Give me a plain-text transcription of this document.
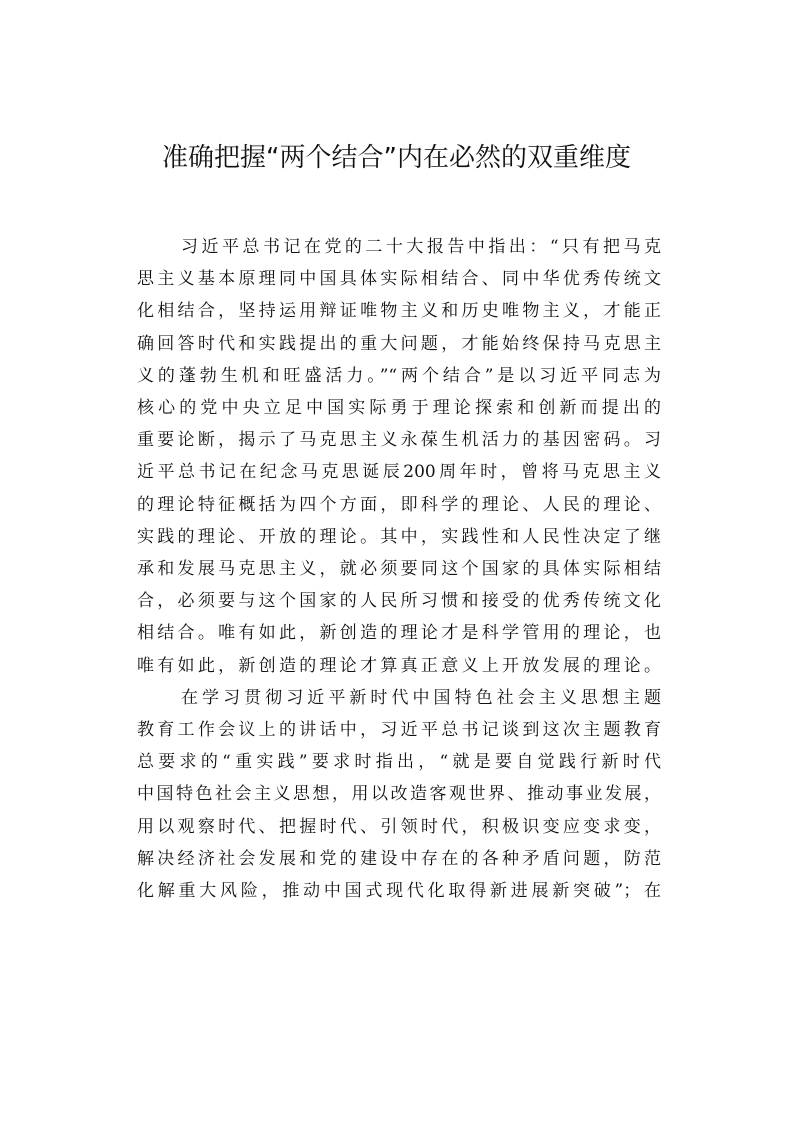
准确把握“两个结合”内在必然的双重维度
习近平总书记在党的二十大报告中指出：“只有把马克
思主义基本原理同中国具体实际相结合、同中华优秀传统文
化相结合，坚持运用辩证唯物主义和历史唯物主义，才能正
确回答时代和实践提出的重大问题，才能始终保持马克思主
义的蓬勃生机和旺盛活力。”“两个结合”是以习近平同志为
核心的党中央立足中国实际勇于理论探索和创新而提出的
重要论断，揭示了马克思主义永葆生机活力的基因密码。习
近平总书记在纪念马克思诞辰200周年时，曾将马克思主义
的理论特征概括为四个方面，即科学的理论、人民的理论、
实践的理论、开放的理论。其中，实践性和人民性决定了继
承和发展马克思主义，就必须要同这个国家的具体实际相结
合，必须要与这个国家的人民所习惯和接受的优秀传统文化
相结合。唯有如此，新创造的理论才是科学管用的理论，也
唯有如此，新创造的理论才算真正意义上开放发展的理论。
在学习贯彻习近平新时代中国特色社会主义思想主题
教育工作会议上的讲话中，习近平总书记谈到这次主题教育
总要求的“重实践”要求时指出，“就是要自觉践行新时代
中国特色社会主义思想，用以改造客观世界、推动事业发展，
用以观察时代、把握时代、引领时代，积极识变应变求变，
解决经济社会发展和党的建设中存在的各种矛盾问题，防范
化解重大风险，推动中国式现代化取得新进展新突破”；在
